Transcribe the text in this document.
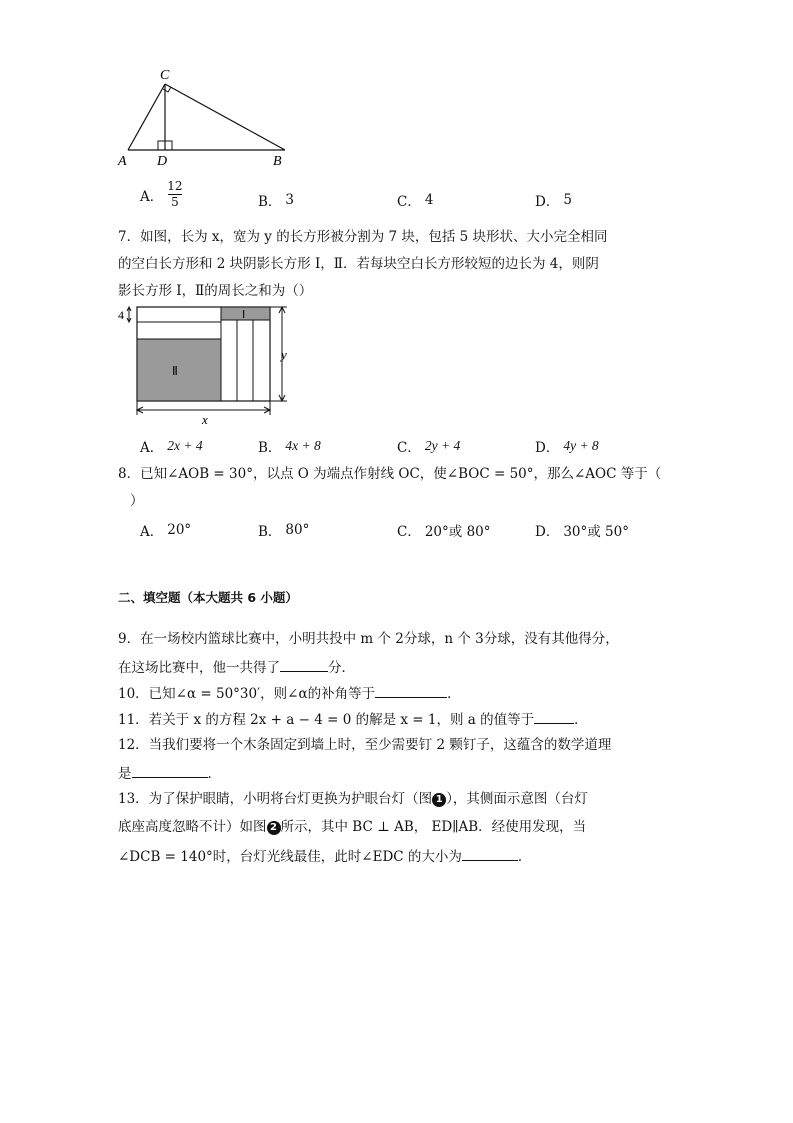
C
A D	B
A． $\frac{12}{5}$	B． 3	C． 4	D． 5
7．如图，长为 x，宽为 y 的长方形被分割为 7 块，包括 5 块形状、大小完全相同
的空白长方形和 2 块阴影长方形 Ⅰ，Ⅱ．若每块空白长方形较短的边长为 4，则阴
影长方形 Ⅰ，Ⅱ的周长之和为（）
4	Ⅰ
Ⅱ
y
x
A． 2x + 4	B． 4x + 8	C． 2y + 4	D． 4y + 8
8．已知∠AOB = 30°，以点 O 为端点作射线 OC，使∠BOC = 50°，那么∠AOC 等于（
）
A． 20°	B． 80°	C． 20°或 80°	D． 30°或 50°
二、填空题（本大题共 6 小题）
9．在一场校内篮球比赛中，小明共投中 m 个 2分球，n 个 3分球，没有其他得分，
在这场比赛中，他一共得了	分．
10．已知∠α = 50°30′，则∠α的补角等于	．
11．若关于 x 的方程 2x + a − 4 = 0 的解是 x = 1，则 a 的值等于	．
12．当我们要将一个木条固定到墙上时，至少需要钉 2 颗钉子，这蕴含的数学道理
是	．
13．为了保护眼睛，小明将台灯更换为护眼台灯（图 1 ），其侧面示意图（台灯
底座高度忽略不计）如图 2 所示，其中 BC ⊥ AB， ED∥AB．经使用发现，当
∠DCB = 140°时，台灯光线最佳，此时∠EDC 的大小为	．
